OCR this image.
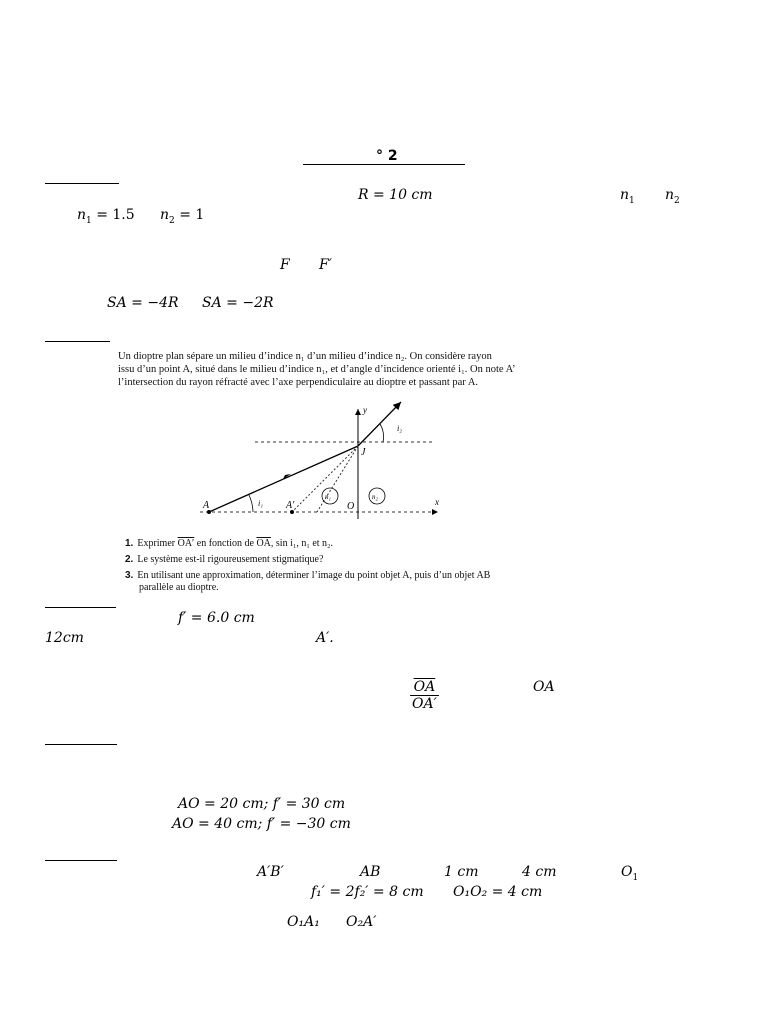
° 2
R = 10 cm	$n_1$ $n_2$
$n_1 = 1.5$ $n_2 = 1$
F F′
SA = −4R SA = −2R

Un dioptre plan sépare un milieu d’indice n₁ d’un milieu d’indice n₂. On considère rayon

issu d’un point A, situé dans le milieu d’indice n₁, et d’angle d’incidence orienté i₁. On note A’

l’intersection du rayon réfracté avec l’axe perpendiculaire au dioptre et passant par A.

A	A′	O
J
x
y
i₁
i₂
n₁	n₂
1. Exprimer OA′ en fonction de $\overline{OA}$, sin i₁, n₁ et n₂.
2. Le système est-il rigoureusement stigmatique?
3. En utilisant une approximation, déterminer l’image du point objet A, puis d’un objet AB
parallèle au dioptre.
f′ = 6.0 cm
12cm	A′.
$\frac{\overline{OA}}{OA'}$	OA
AO = 20 cm; f′ = 30 cm
AO = 40 cm; f′ = −30 cm
A′B′	AB	1 cm	4 cm	$O_1$
f₁′ = 2f₂′ = 8 cm O₁O₂ = 4 cm
O₁A₁ O₂A′
